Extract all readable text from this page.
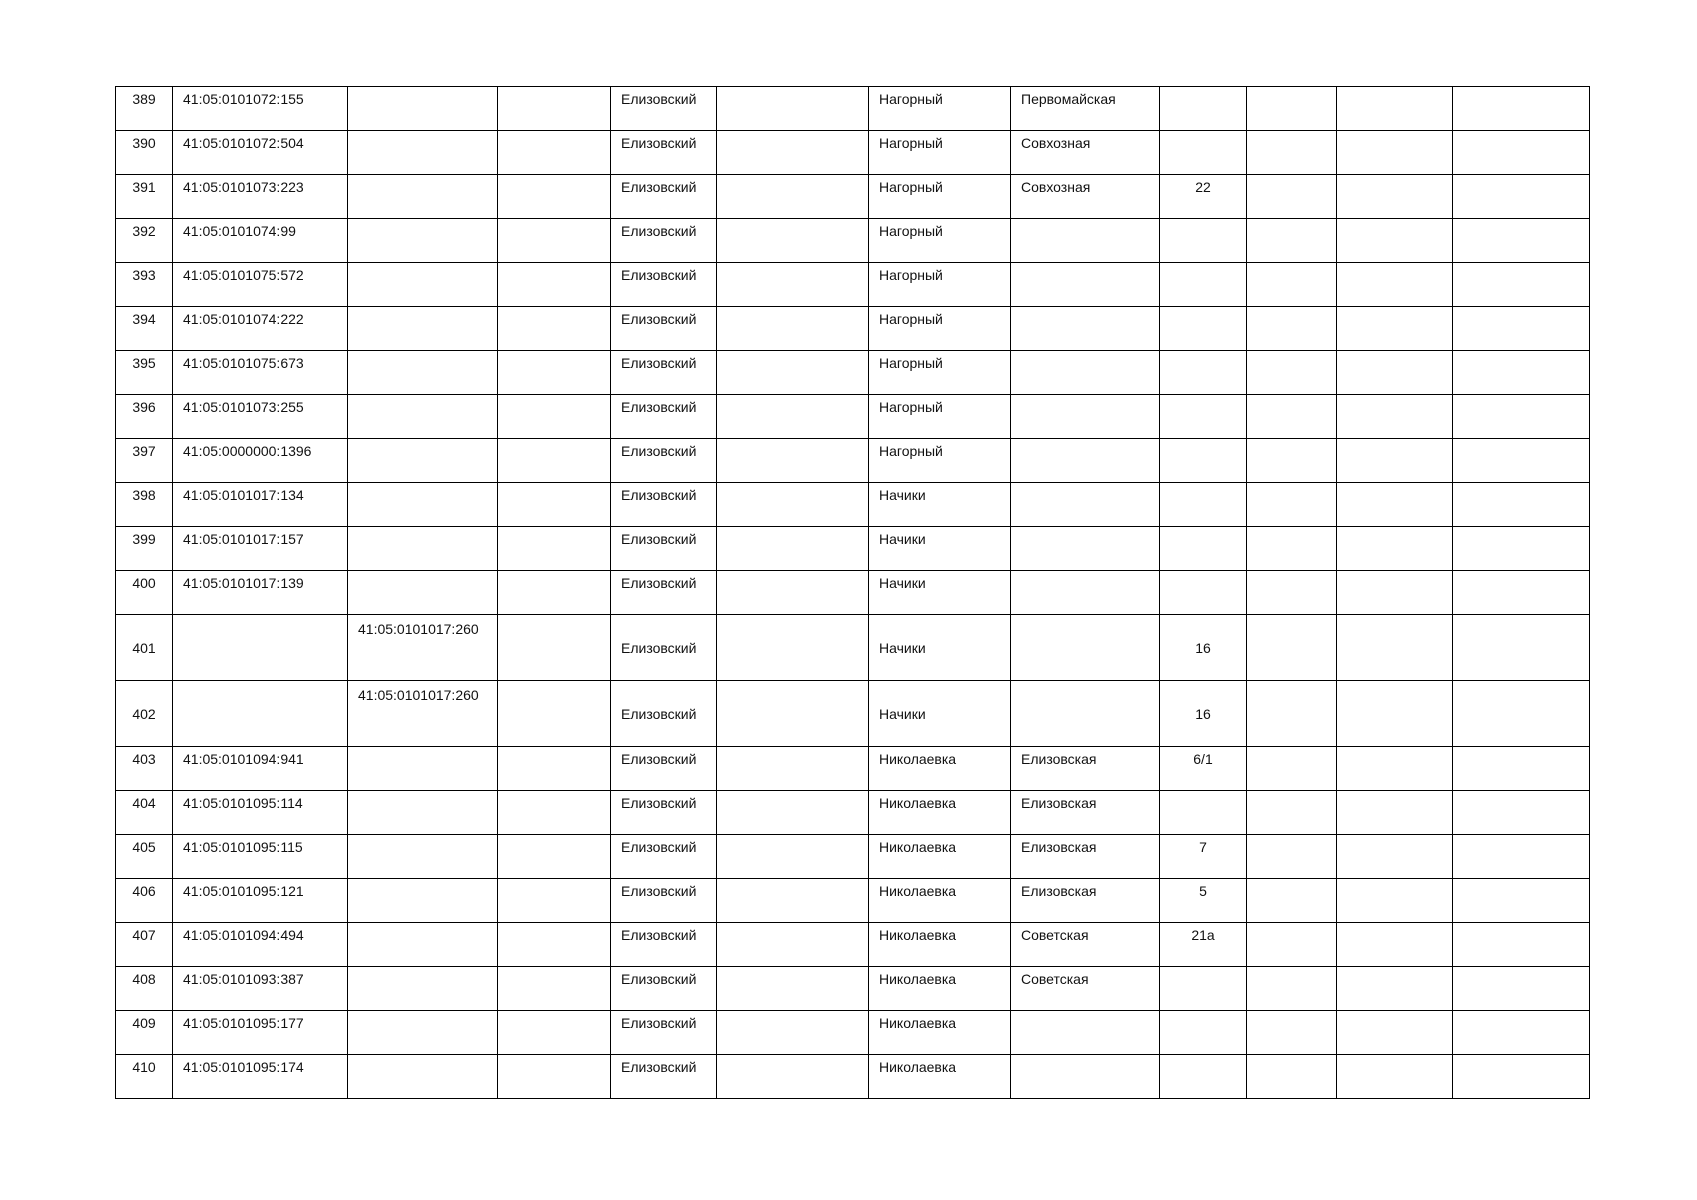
389	41:05:0101072:155			Елизовский		Нагорный	Первомайская				

390	41:05:0101072:504			Елизовский		Нагорный	Совхозная				

391	41:05:0101073:223			Елизовский		Нагорный	Совхозная	22			

392	41:05:0101074:99			Елизовский		Нагорный					

393	41:05:0101075:572			Елизовский		Нагорный					

394	41:05:0101074:222			Елизовский		Нагорный					

395	41:05:0101075:673			Елизовский		Нагорный					

396	41:05:0101073:255			Елизовский		Нагорный					

397	41:05:0000000:1396			Елизовский		Нагорный					

398	41:05:0101017:134			Елизовский		Начики					

399	41:05:0101017:157			Елизовский		Начики					

400	41:05:0101017:139			Елизовский		Начики					

401		41:05:0101017:260		Елизовский		Начики		16			

402		41:05:0101017:260		Елизовский		Начики		16			

403	41:05:0101094:941			Елизовский		Николаевка	Елизовская	6/1			

404	41:05:0101095:114			Елизовский		Николаевка	Елизовская				

405	41:05:0101095:115			Елизовский		Николаевка	Елизовская	7			

406	41:05:0101095:121			Елизовский		Николаевка	Елизовская	5			

407	41:05:0101094:494			Елизовский		Николаевка	Советская	21а			

408	41:05:0101093:387			Елизовский		Николаевка	Советская				

409	41:05:0101095:177			Елизовский		Николаевка					

410	41:05:0101095:174			Елизовский		Николаевка					
